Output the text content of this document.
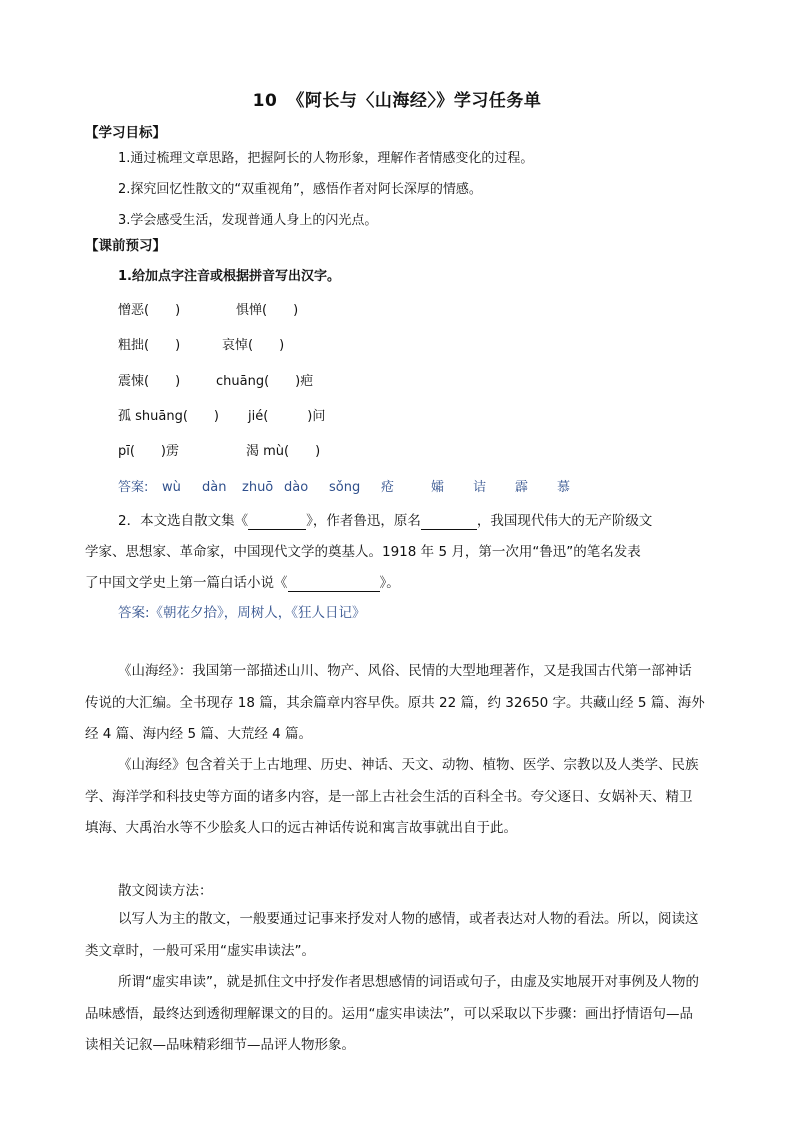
10 《阿长与〈山海经〉》学习任务单
【学习目标】
1.通过梳理文章思路，把握阿长的人物形象，理解作者情感变化的过程。
2.探究回忆性散文的“双重视角”，感悟作者对阿长深厚的情感。
3.学会感受生活，发现普通人身上的闪光点。
【课前预习】
1.给加点字注音或根据拼音写出汉字。
憎恶(　　)	惧惮(　　)
粗拙(　　)	哀悼(　　)
震悚(　　)	chuāng(　　)疤
孤 shuāng(　　) jié(　　　)问
pī(　　)雳	渴 mù(　　)
答案: wù dàn zhuō dào sǒng 疮	孀 诘 霹 慕
2．本文选自散文集《	》，作者鲁迅，原名	，我国现代伟大的无产阶级文
学家、思想家、革命家，中国现代文学的奠基人。1918 年 5 月，第一次用“鲁迅”的笔名发表
了中国文学史上第一篇白话小说《	》。
答案:《朝花夕拾》，周树人，《狂人日记》
《山海经》：我国第一部描述山川、物产、风俗、民情的大型地理著作，又是我国古代第一部神话传说的大汇编。全书现存 18 篇，其余篇章内容早佚。原共 22 篇，约 32650 字。共藏山经 5 篇、海外经 4 篇、海内经 5 篇、大荒经 4 篇。
《山海经》包含着关于上古地理、历史、神话、天文、动物、植物、医学、宗教以及人类学、民族学、海洋学和科技史等方面的诸多内容，是一部上古社会生活的百科全书。夸父逐日、女娲补天、精卫填海、大禹治水等不少脍炙人口的远古神话传说和寓言故事就出自于此。
散文阅读方法：
以写人为主的散文，一般要通过记事来抒发对人物的感情，或者表达对人物的看法。所以，阅读这类文章时，一般可采用“虚实串读法”。
所谓“虚实串读”，就是抓住文中抒发作者思想感情的词语或句子，由虚及实地展开对事例及人物的品味感悟，最终达到透彻理解课文的目的。运用“虚实串读法”，可以采取以下步骤：画出抒情语句—品读相关记叙—品味精彩细节—品评人物形象。
